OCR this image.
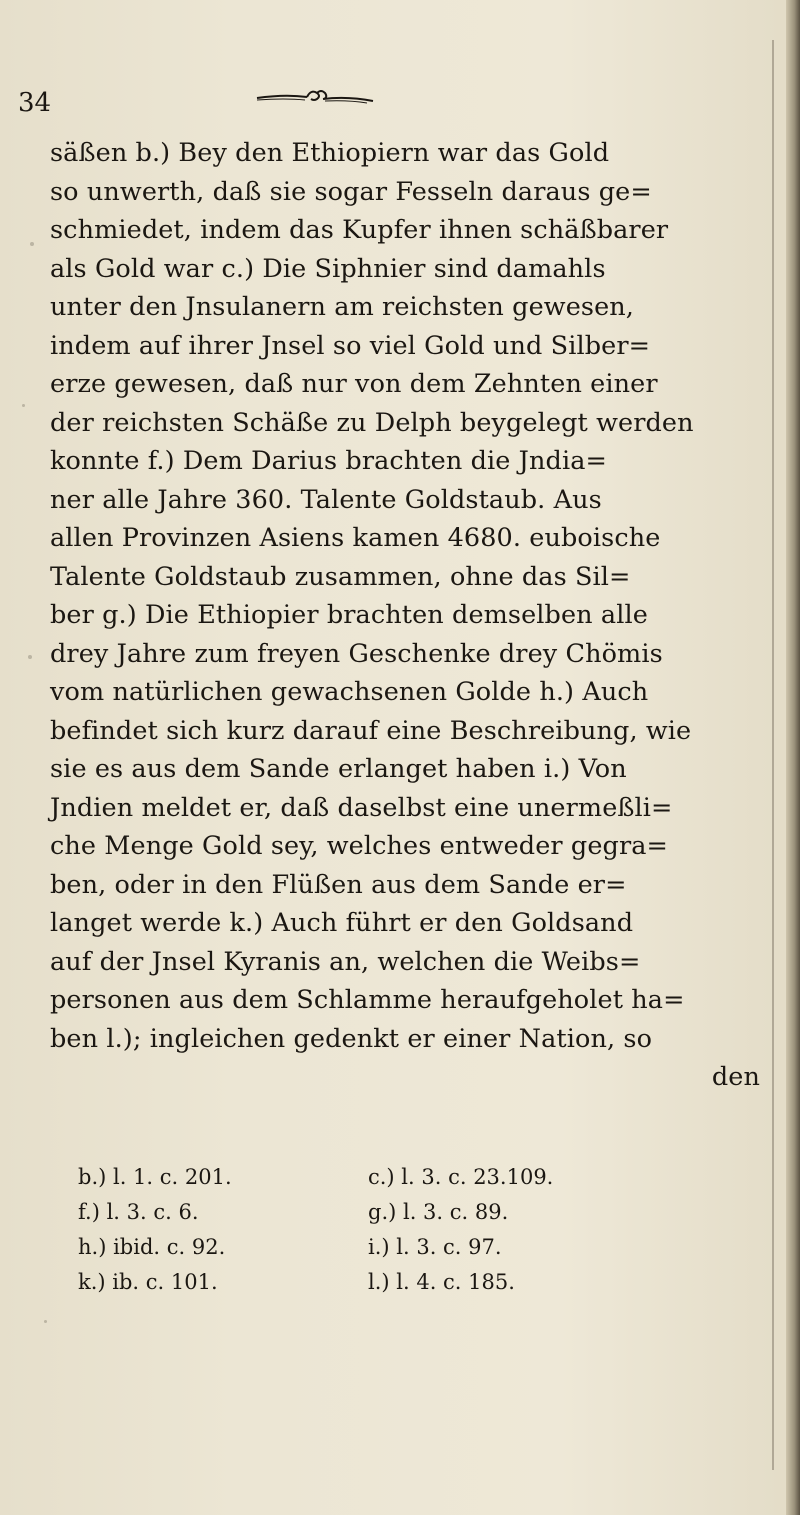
34
säßen b.) Bey den Ethiopiern war das Gold
so unwerth, daß sie sogar Fesseln daraus ge=
schmiedet, indem das Kupfer ihnen schäßbarer
als Gold war c.) Die Siphnier sind damahls
unter den Jnsulanern am reichsten gewesen,
indem auf ihrer Jnsel so viel Gold und Silber=
erze gewesen, daß nur von dem Zehnten einer
der reichsten Schäße zu Delph beygelegt werden
konnte f.) Dem Darius brachten die Jndia=
ner alle Jahre 360. Talente Goldstaub. Aus
allen Provinzen Asiens kamen 4680. euboische
Talente Goldstaub zusammen, ohne das Sil=
ber g.) Die Ethiopier brachten demselben alle
drey Jahre zum freyen Geschenke drey Chömis
vom natürlichen gewachsenen Golde h.) Auch
befindet sich kurz darauf eine Beschreibung, wie
sie es aus dem Sande erlanget haben i.) Von
Jndien meldet er, daß daselbst eine unermeßli=
che Menge Gold sey, welches entweder gegra=
ben, oder in den Flüßen aus dem Sande er=
langet werde k.) Auch führt er den Goldsand
auf der Jnsel Kyranis an, welchen die Weibs=
personen aus dem Schlamme heraufgeholet ha=
ben l.); ingleichen gedenkt er einer Nation, so
den
b.) l. 1. c. 201.	c.) l. 3. c. 23.109.
f.) l. 3. c. 6.	g.) l. 3. c. 89.
h.) ibid. c. 92.	i.) l. 3. c. 97.
k.) ib. c. 101.	l.) l. 4. c. 185.
